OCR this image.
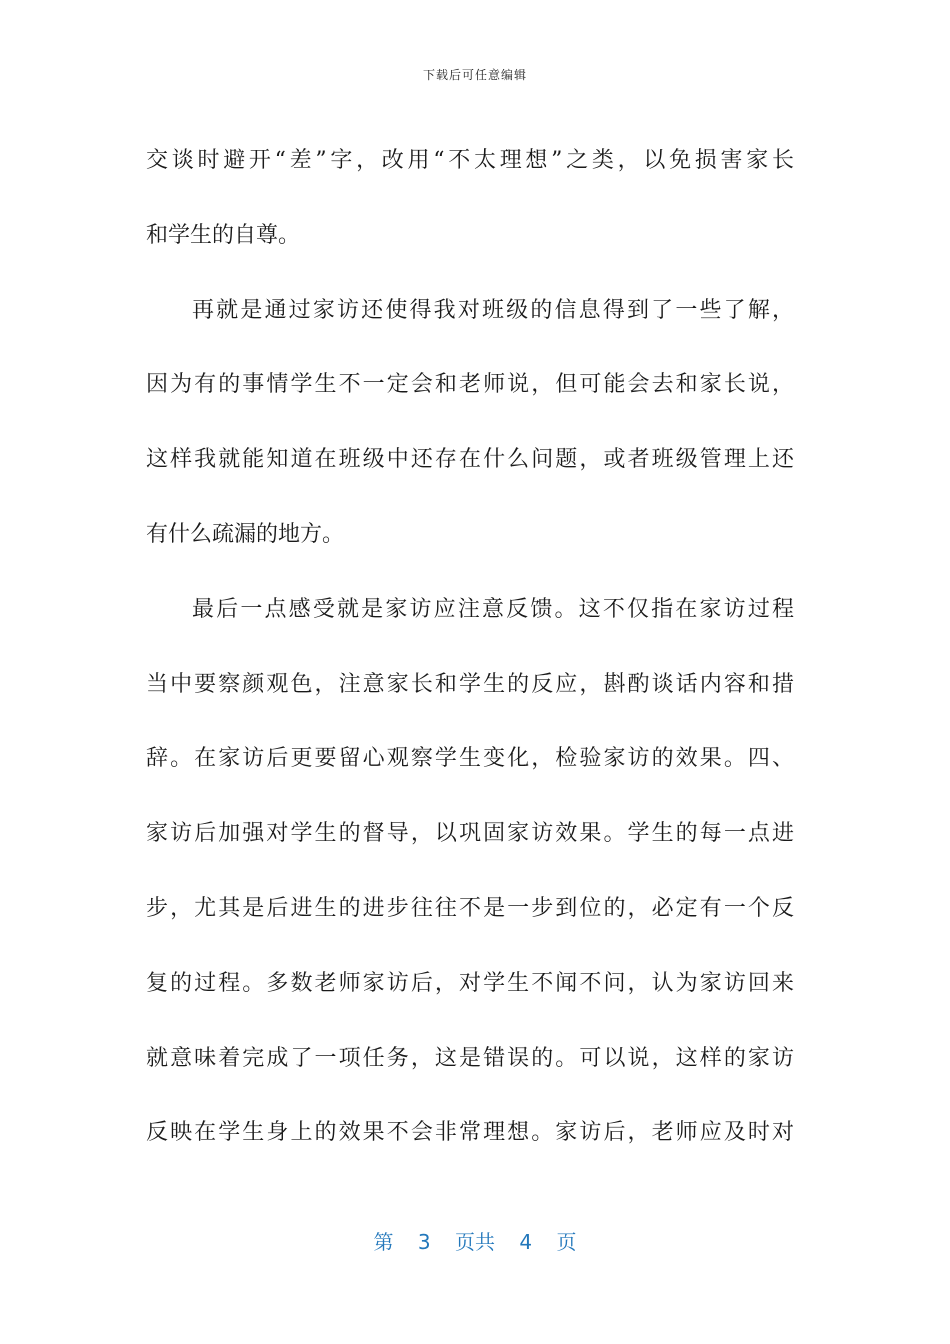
下载后可任意编辑
交谈时避开“差”字，改用“不太理想”之类，以免损害家长
和学生的自尊。
再就是通过家访还使得我对班级的信息得到了一些了解，
因为有的事情学生不一定会和老师说，但可能会去和家长说，
这样我就能知道在班级中还存在什么问题，或者班级管理上还
有什么疏漏的地方。
最后一点感受就是家访应注意反馈。这不仅指在家访过程
当中要察颜观色，注意家长和学生的反应，斟酌谈话内容和措
辞。在家访后更要留心观察学生变化，检验家访的效果。四、
家访后加强对学生的督导，以巩固家访效果。学生的每一点进
步，尤其是后进生的进步往往不是一步到位的，必定有一个反
复的过程。多数老师家访后，对学生不闻不问，认为家访回来
就意味着完成了一项任务，这是错误的。可以说，这样的家访
反映在学生身上的效果不会非常理想。家访后，老师应及时对
第 3 页共 4 页
